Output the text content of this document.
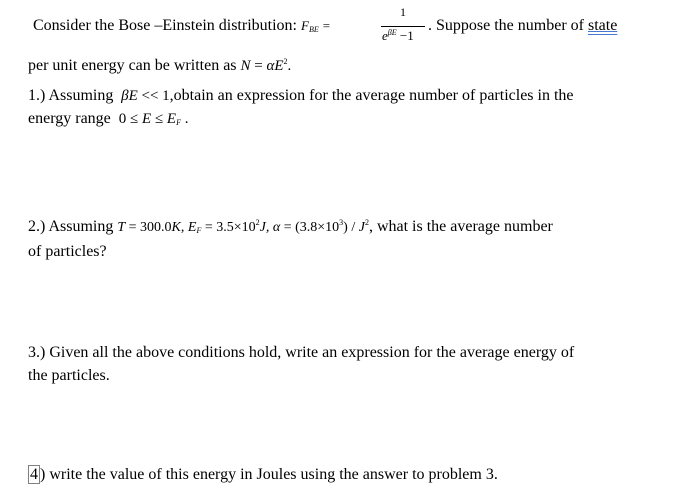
Consider the Bose –Einstein distribution: $F_{BE}$ =
1
$e^{\beta E} -1$
. Suppose the number of state
per unit energy can be written as $N = \alpha E^2$.
1.) Assuming βE << 1,obtain an expression for the average number of particles in the
energy range $0 \le E \le E_F$ .
2.) Assuming T = 300.0K, $E_F = 3.5\times 10^2J$, $\alpha = (3.8\times 10^3) / J^2$, what is the average number
of particles?
3.) Given all the above conditions hold, write an expression for the average energy of
the particles.
4 ) write the value of this energy in Joules using the answer to problem 3.
